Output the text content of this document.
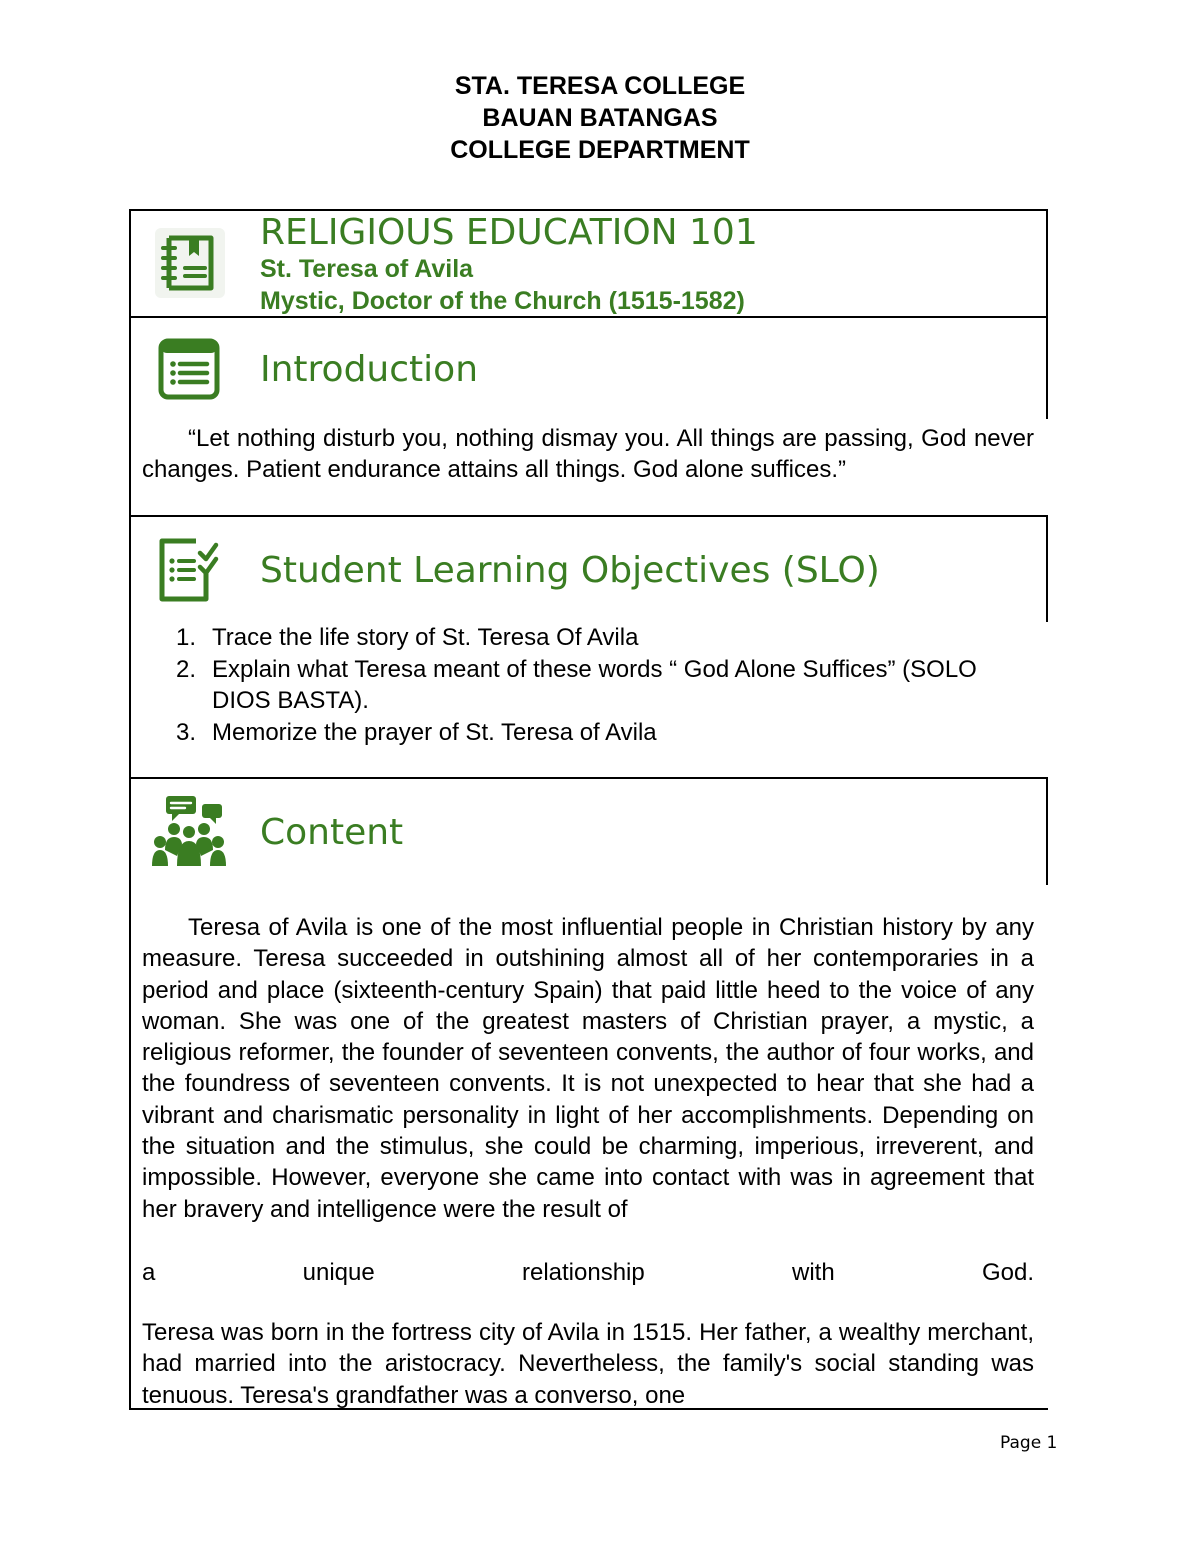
STA. TERESA COLLEGE
BAUAN BATANGAS
COLLEGE DEPARTMENT
RELIGIOUS EDUCATION 101
St. Teresa of Avila
Mystic, Doctor of the Church (1515-1582)
Introduction
“Let nothing disturb you, nothing dismay you. All things are passing, God never changes. Patient endurance attains all things. God alone suffices.”
Student Learning Objectives (SLO)
1. Trace the life story of St. Teresa Of Avila
2. Explain what Teresa meant of these words “ God Alone Suffices” (SOLO DIOS BASTA).
3. Memorize the prayer of St. Teresa of Avila
Content
Teresa of Avila is one of the most influential people in Christian history by any measure. Teresa succeeded in outshining almost all of her contemporaries in a period and place (sixteenth-century Spain) that paid little heed to the voice of any woman. She was one of the greatest masters of Christian prayer, a mystic, a religious reformer, the founder of seventeen convents, the author of four works, and the foundress of seventeen convents. It is not unexpected to hear that she had a vibrant and charismatic personality in light of her accomplishments. Depending on the situation and the stimulus, she could be charming, imperious, irreverent, and impossible. However, everyone she came into contact with was in agreement that her bravery and intelligence were the result of
a unique relationship with God.
Teresa was born in the fortress city of Avila in 1515. Her father, a wealthy merchant, had married into the aristocracy. Nevertheless, the family's social standing was tenuous. Teresa's grandfather was a converso, one
Page 1
